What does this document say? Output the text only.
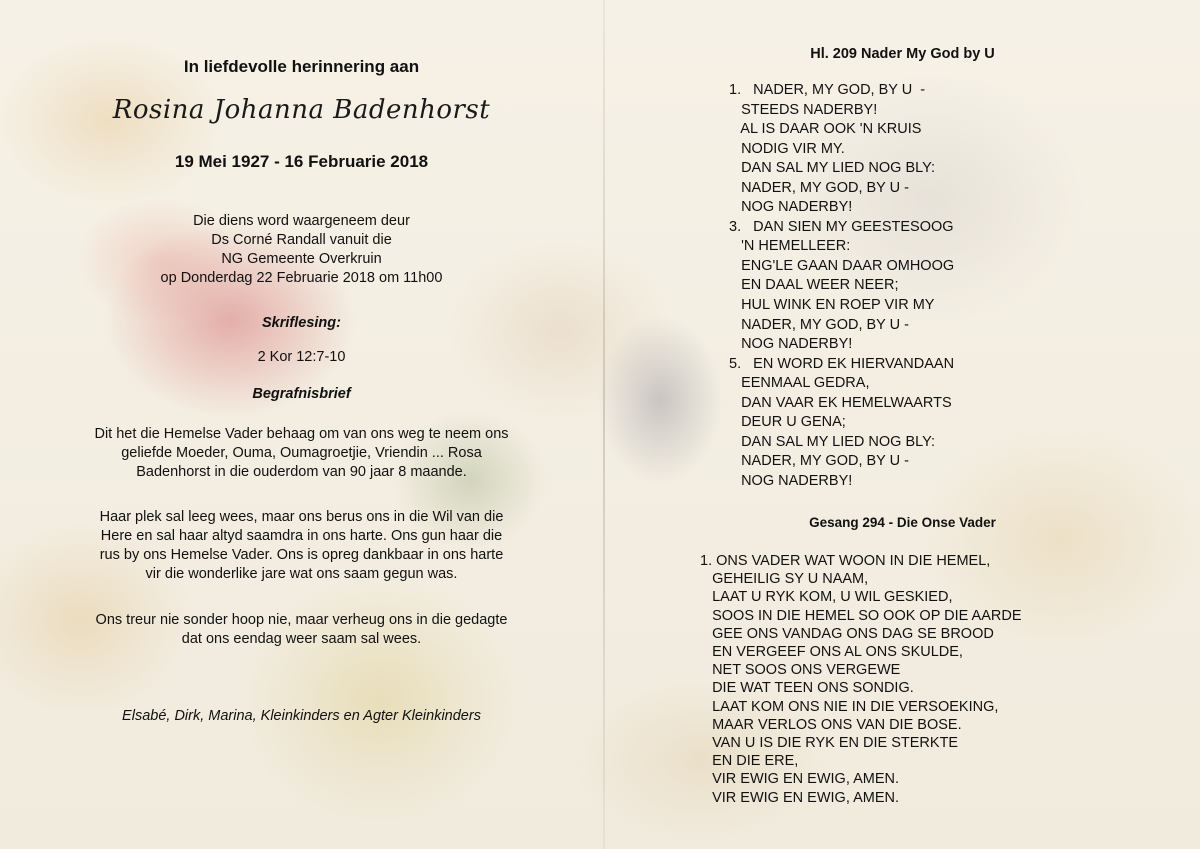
In liefdevolle herinnering aan
Rosina Johanna Badenhorst
19 Mei 1927 - 16 Februarie 2018
Die diens word waargeneem deur
Ds Corné Randall vanuit die
NG Gemeente Overkruin
op Donderdag 22 Februarie 2018 om 11h00
Skriflesing:
2 Kor 12:7-10
Begrafnisbrief
Dit het die Hemelse Vader behaag om van ons weg te neem ons
geliefde Moeder, Ouma, Oumagroetjie, Vriendin ... Rosa
Badenhorst in die ouderdom van 90 jaar 8 maande.
Haar plek sal leeg wees, maar ons berus ons in die Wil van die
Here en sal haar altyd saamdra in ons harte. Ons gun haar die
rus by ons Hemelse Vader. Ons is opreg dankbaar in ons harte
vir die wonderlike jare wat ons saam gegun was.
Ons treur nie sonder hoop nie, maar verheug ons in die gedagte
dat ons eendag weer saam sal wees.
Elsabé, Dirk, Marina, Kleinkinders en Agter Kleinkinders
Hl. 209 Nader My God by U
1.   NADER, MY GOD, BY U  -
STEEDS NADERBY!
AL IS DAAR OOK 'N KRUIS
NODIG VIR MY.
DAN SAL MY LIED NOG BLY:
NADER, MY GOD, BY U -
NOG NADERBY!
3.   DAN SIEN MY GEESTESOOG
'N HEMELLEER:
ENG'LE GAAN DAAR OMHOOG
EN DAAL WEER NEER;
HUL WINK EN ROEP VIR MY
NADER, MY GOD, BY U -
NOG NADERBY!
5.   EN WORD EK HIERVANDAAN
EENMAAL GEDRA,
DAN VAAR EK HEMELWAARTS
DEUR U GENA;
DAN SAL MY LIED NOG BLY:
NADER, MY GOD, BY U -
NOG NADERBY!
Gesang 294 - Die Onse Vader
1. ONS VADER WAT WOON IN DIE HEMEL,
GEHEILIG SY U NAAM,
LAAT U RYK KOM, U WIL GESKIED,
SOOS IN DIE HEMEL SO OOK OP DIE AARDE
GEE ONS VANDAG ONS DAG SE BROOD
EN VERGEEF ONS AL ONS SKULDE,
NET SOOS ONS VERGEWE
DIE WAT TEEN ONS SONDIG.
LAAT KOM ONS NIE IN DIE VERSOEKING,
MAAR VERLOS ONS VAN DIE BOSE.
VAN U IS DIE RYK EN DIE STERKTE
EN DIE ERE,
VIR EWIG EN EWIG, AMEN.
VIR EWIG EN EWIG, AMEN.
